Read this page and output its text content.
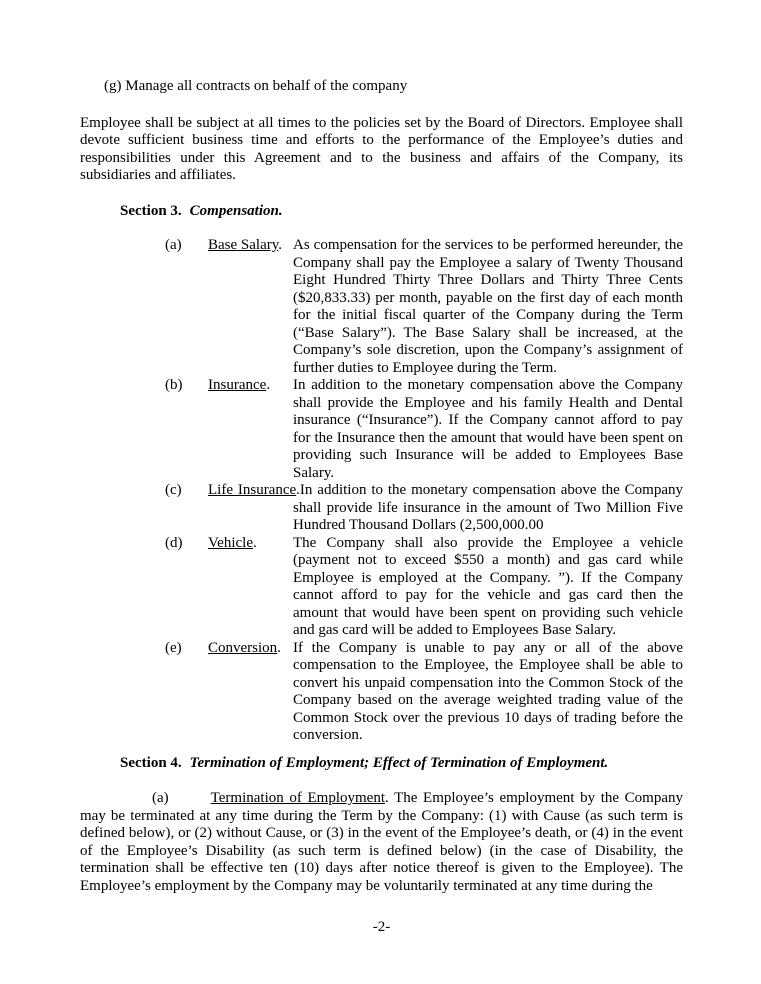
(g) Manage all contracts on behalf of the company

Employee shall be subject at all times to the policies set by the Board of Directors. Employee shall devote sufficient business time and efforts to the performance of the Employee’s duties and responsibilities under this Agreement and to the business and affairs of the Company, its subsidiaries and affiliates.

Section 3. Compensation.

(a) Base Salary. As compensation for the services to be performed hereunder, the Company shall pay the Employee a salary of Twenty Thousand Eight Hundred Thirty Three Dollars and Thirty Three Cents ($20,833.33) per month, payable on the first day of each month for the initial fiscal quarter of the Company during the Term (“Base Salary”). The Base Salary shall be increased, at the Company’s sole discretion, upon the Company’s assignment of further duties to Employee during the Term.
(b) Insurance. In addition to the monetary compensation above the Company shall provide the Employee and his family Health and Dental insurance (“Insurance”). If the Company cannot afford to pay for the Insurance then the amount that would have been spent on providing such Insurance will be added to Employees Base Salary.
(c) Life Insurance.In addition to the monetary compensation above the Company shall provide life insurance in the amount of Two Million Five Hundred Thousand Dollars (2,500,000.00
(d) Vehicle. The Company shall also provide the Employee a vehicle (payment not to exceed $550 a month) and gas card while Employee is employed at the Company. ”). If the Company cannot afford to pay for the vehicle and gas card then the amount that would have been spent on providing such vehicle and gas card will be added to Employees Base Salary.
(e) Conversion. If the Company is unable to pay any or all of the above compensation to the Employee, the Employee shall be able to convert his unpaid compensation into the Common Stock of the Company based on the average weighted trading value of the Common Stock over the previous 10 days of trading before the conversion.

Section 4. Termination of Employment; Effect of Termination of Employment.

(a)	Termination of Employment. The Employee’s employment by the Company may be terminated at any time during the Term by the Company: (1) with Cause (as such term is defined below), or (2) without Cause, or (3) in the event of the Employee’s death, or (4) in the event of the Employee’s Disability (as such term is defined below) (in the case of Disability, the termination shall be effective ten (10) days after notice thereof is given to the Employee). The Employee’s employment by the Company may be voluntarily terminated at any time during the

-2-
